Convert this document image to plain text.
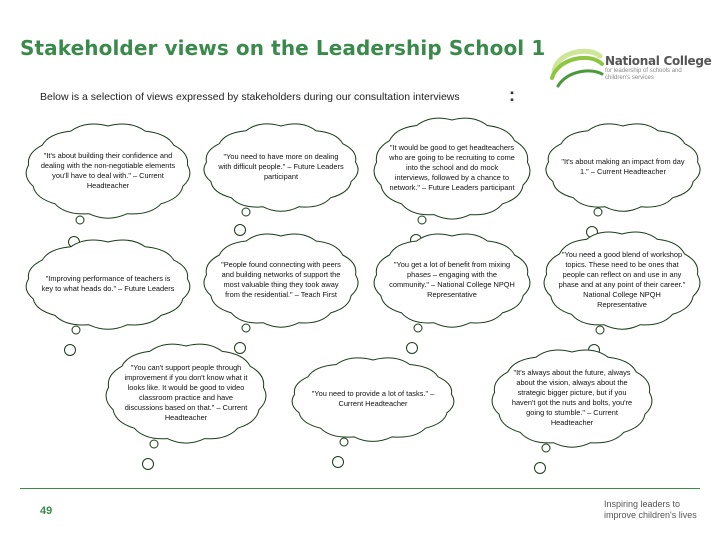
Stakeholder views on the Leadership School 1
National College
for leadership of schools and children's services
Below is a selection of views expressed by stakeholders during our consultation interviews	:
"It's about building their confidence and dealing with the non-negotiable elements you'll have to deal with." – Current Headteacher
"You need to have more on dealing with difficult people." – Future Leaders participant
"It would be good to get headteachers who are going to be recruiting to come into the school and do mock interviews, followed by a chance to network." – Future Leaders participant
"It's about making an impact from day 1." – Current Headteacher
"Improving performance of teachers is key to what heads do." – Future Leaders
"People found connecting with peers and building networks of support the most valuable thing they took away from the residential." – Teach First
"You get a lot of benefit from mixing phases – engaging with the community." – National College NPQH Representative
"You need a good blend of workshop topics. These need to be ones that people can reflect on and use in any phase and at any point of their career." National College NPQH Representative
"You can't support people through improvement if you don't know what it looks like. It would be good to video classroom practice and have discussions based on that." – Current Headteacher
"You need to provide a lot of tasks." – Current Headteacher
"It's always about the future, always about the vision, always about the strategic bigger picture, but if you haven't got the nuts and bolts, you're going to stumble." – Current Headteacher
49
Inspiring leaders to improve children's lives
